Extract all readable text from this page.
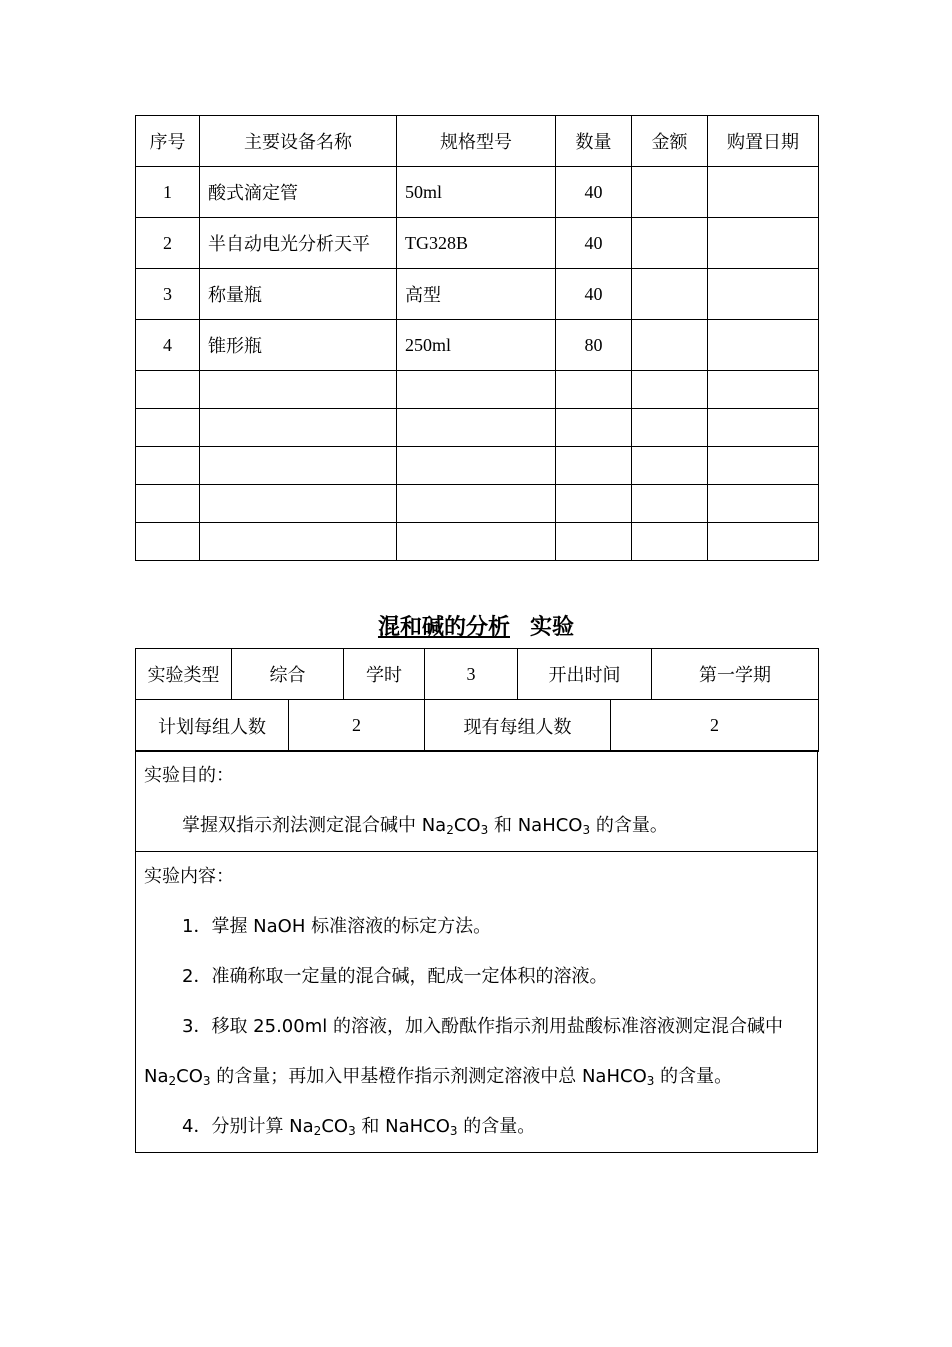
序号	主要设备名称	规格型号	数量	金额	购置日期
1	酸式滴定管	50ml	40		
2	半自动电光分析天平	TG328B	40		
3	称量瓶	高型	40		
4	锥形瓶	250ml	80		

混和碱的分析 实验
实验类型	综合	学时	3	开出时间	第一学期
计划每组人数	2	现有每组人数	2
实验目的：
掌握双指示剂法测定混合碱中 $Na_2CO_3$ 和 NaHCO$_3$ 的含量。

实验内容：
1．掌握 NaOH 标准溶液的标定方法。
2．准确称取一定量的混合碱，配成一定体积的溶液。
3．移取 25.00ml 的溶液，加入酚酞作指示剂用盐酸标准溶液测定混合碱中
$Na_2CO_3$ 的含量；再加入甲基橙作指示剂测定溶液中总 NaHCO$_3$ 的含量。
4．分别计算 $Na_2CO_3$ 和 NaHCO$_3$ 的含量。
